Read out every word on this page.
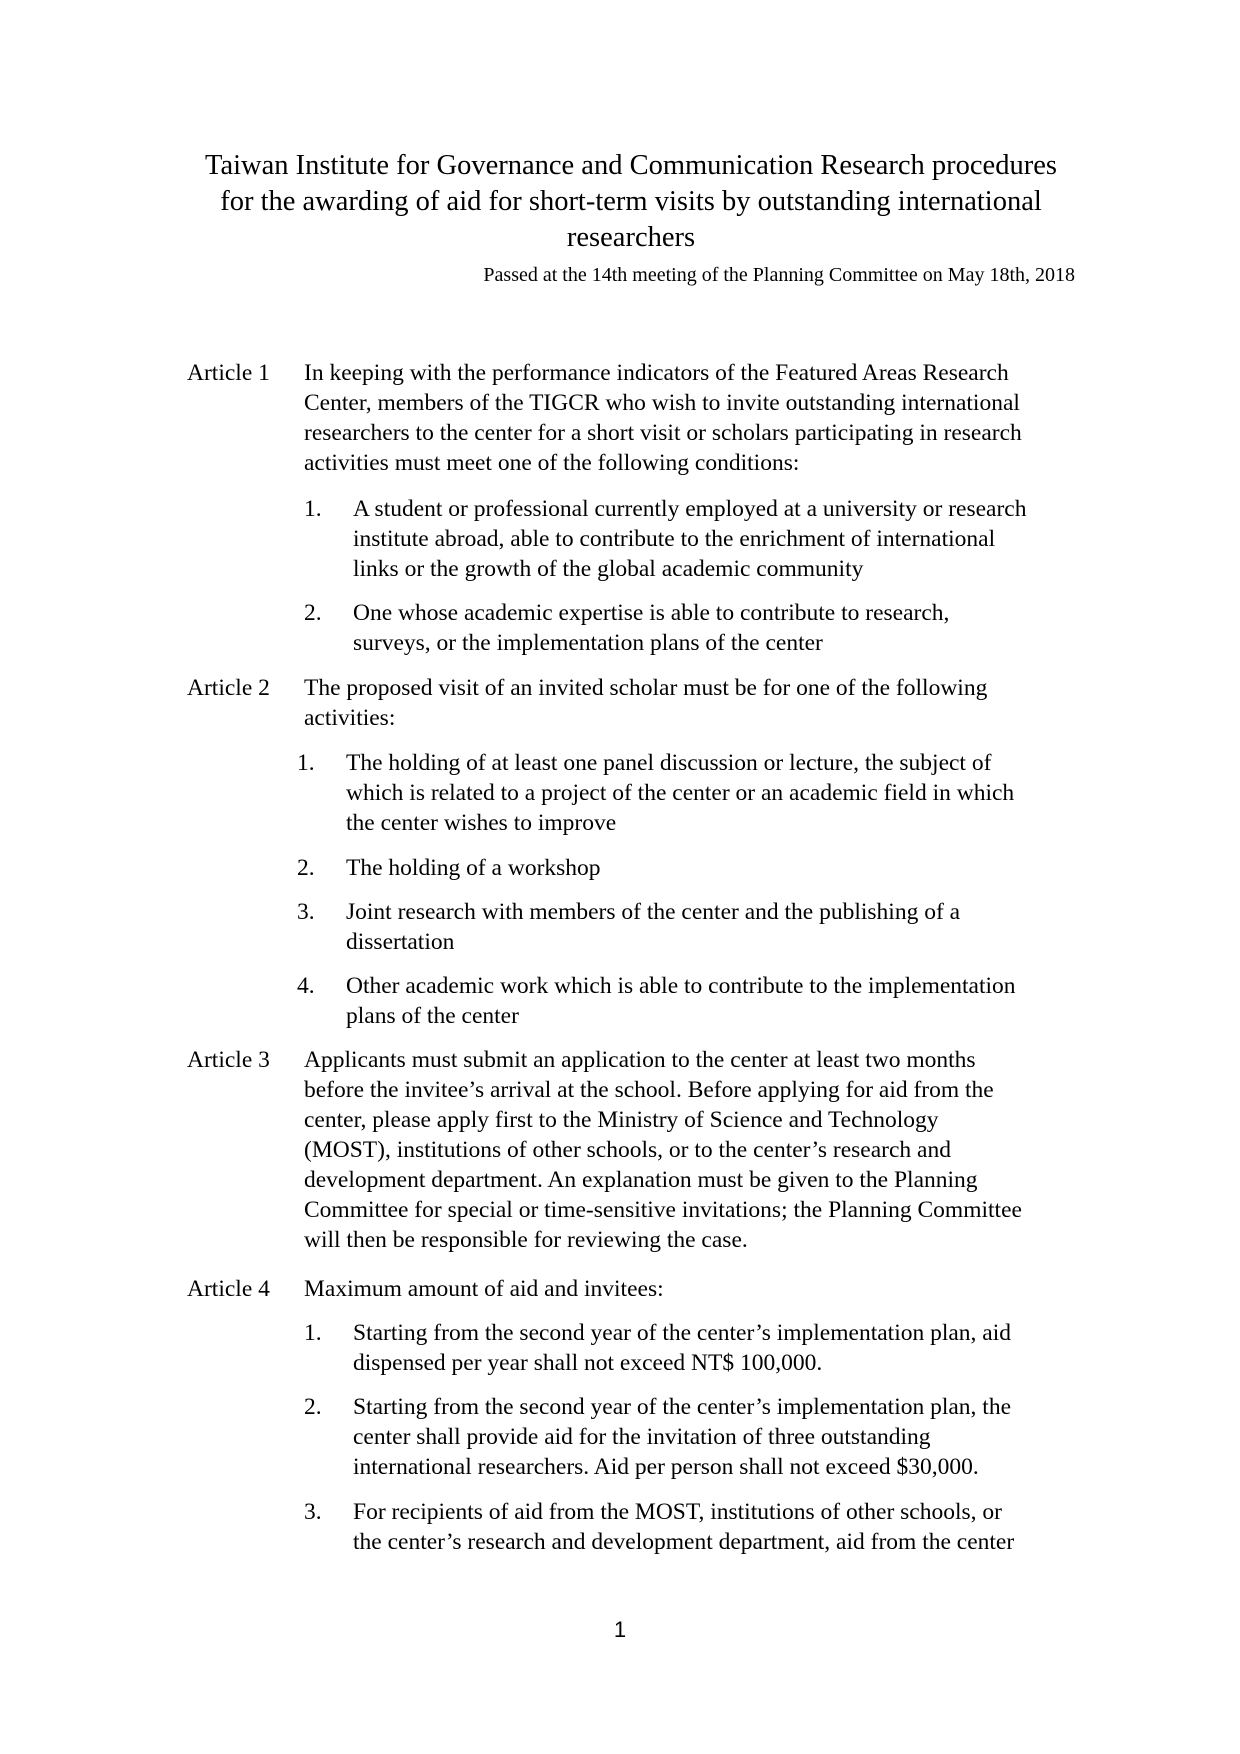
Taiwan Institute for Governance and Communication Research procedures
for the awarding of aid for short-term visits by outstanding international
researchers
Passed at the 14th meeting of the Planning Committee on May 18th, 2018
Article 1 In keeping with the performance indicators of the Featured Areas Research
Center, members of the TIGCR who wish to invite outstanding international
researchers to the center for a short visit or scholars participating in research
activities must meet one of the following conditions:
1. A student or professional currently employed at a university or research
institute abroad, able to contribute to the enrichment of international
links or the growth of the global academic community
2. One whose academic expertise is able to contribute to research,
surveys, or the implementation plans of the center
Article 2 The proposed visit of an invited scholar must be for one of the following
activities:
1. The holding of at least one panel discussion or lecture, the subject of
which is related to a project of the center or an academic field in which
the center wishes to improve
2. The holding of a workshop
3. Joint research with members of the center and the publishing of a
dissertation
4. Other academic work which is able to contribute to the implementation
plans of the center
Article 3 Applicants must submit an application to the center at least two months
before the invitee’s arrival at the school. Before applying for aid from the
center, please apply first to the Ministry of Science and Technology
(MOST), institutions of other schools, or to the center’s research and
development department. An explanation must be given to the Planning
Committee for special or time-sensitive invitations; the Planning Committee
will then be responsible for reviewing the case.
Article 4 Maximum amount of aid and invitees:
1. Starting from the second year of the center’s implementation plan, aid
dispensed per year shall not exceed NT$ 100,000.
2. Starting from the second year of the center’s implementation plan, the
center shall provide aid for the invitation of three outstanding
international researchers. Aid per person shall not exceed $30,000.
3. For recipients of aid from the MOST, institutions of other schools, or
the center’s research and development department, aid from the center
1
